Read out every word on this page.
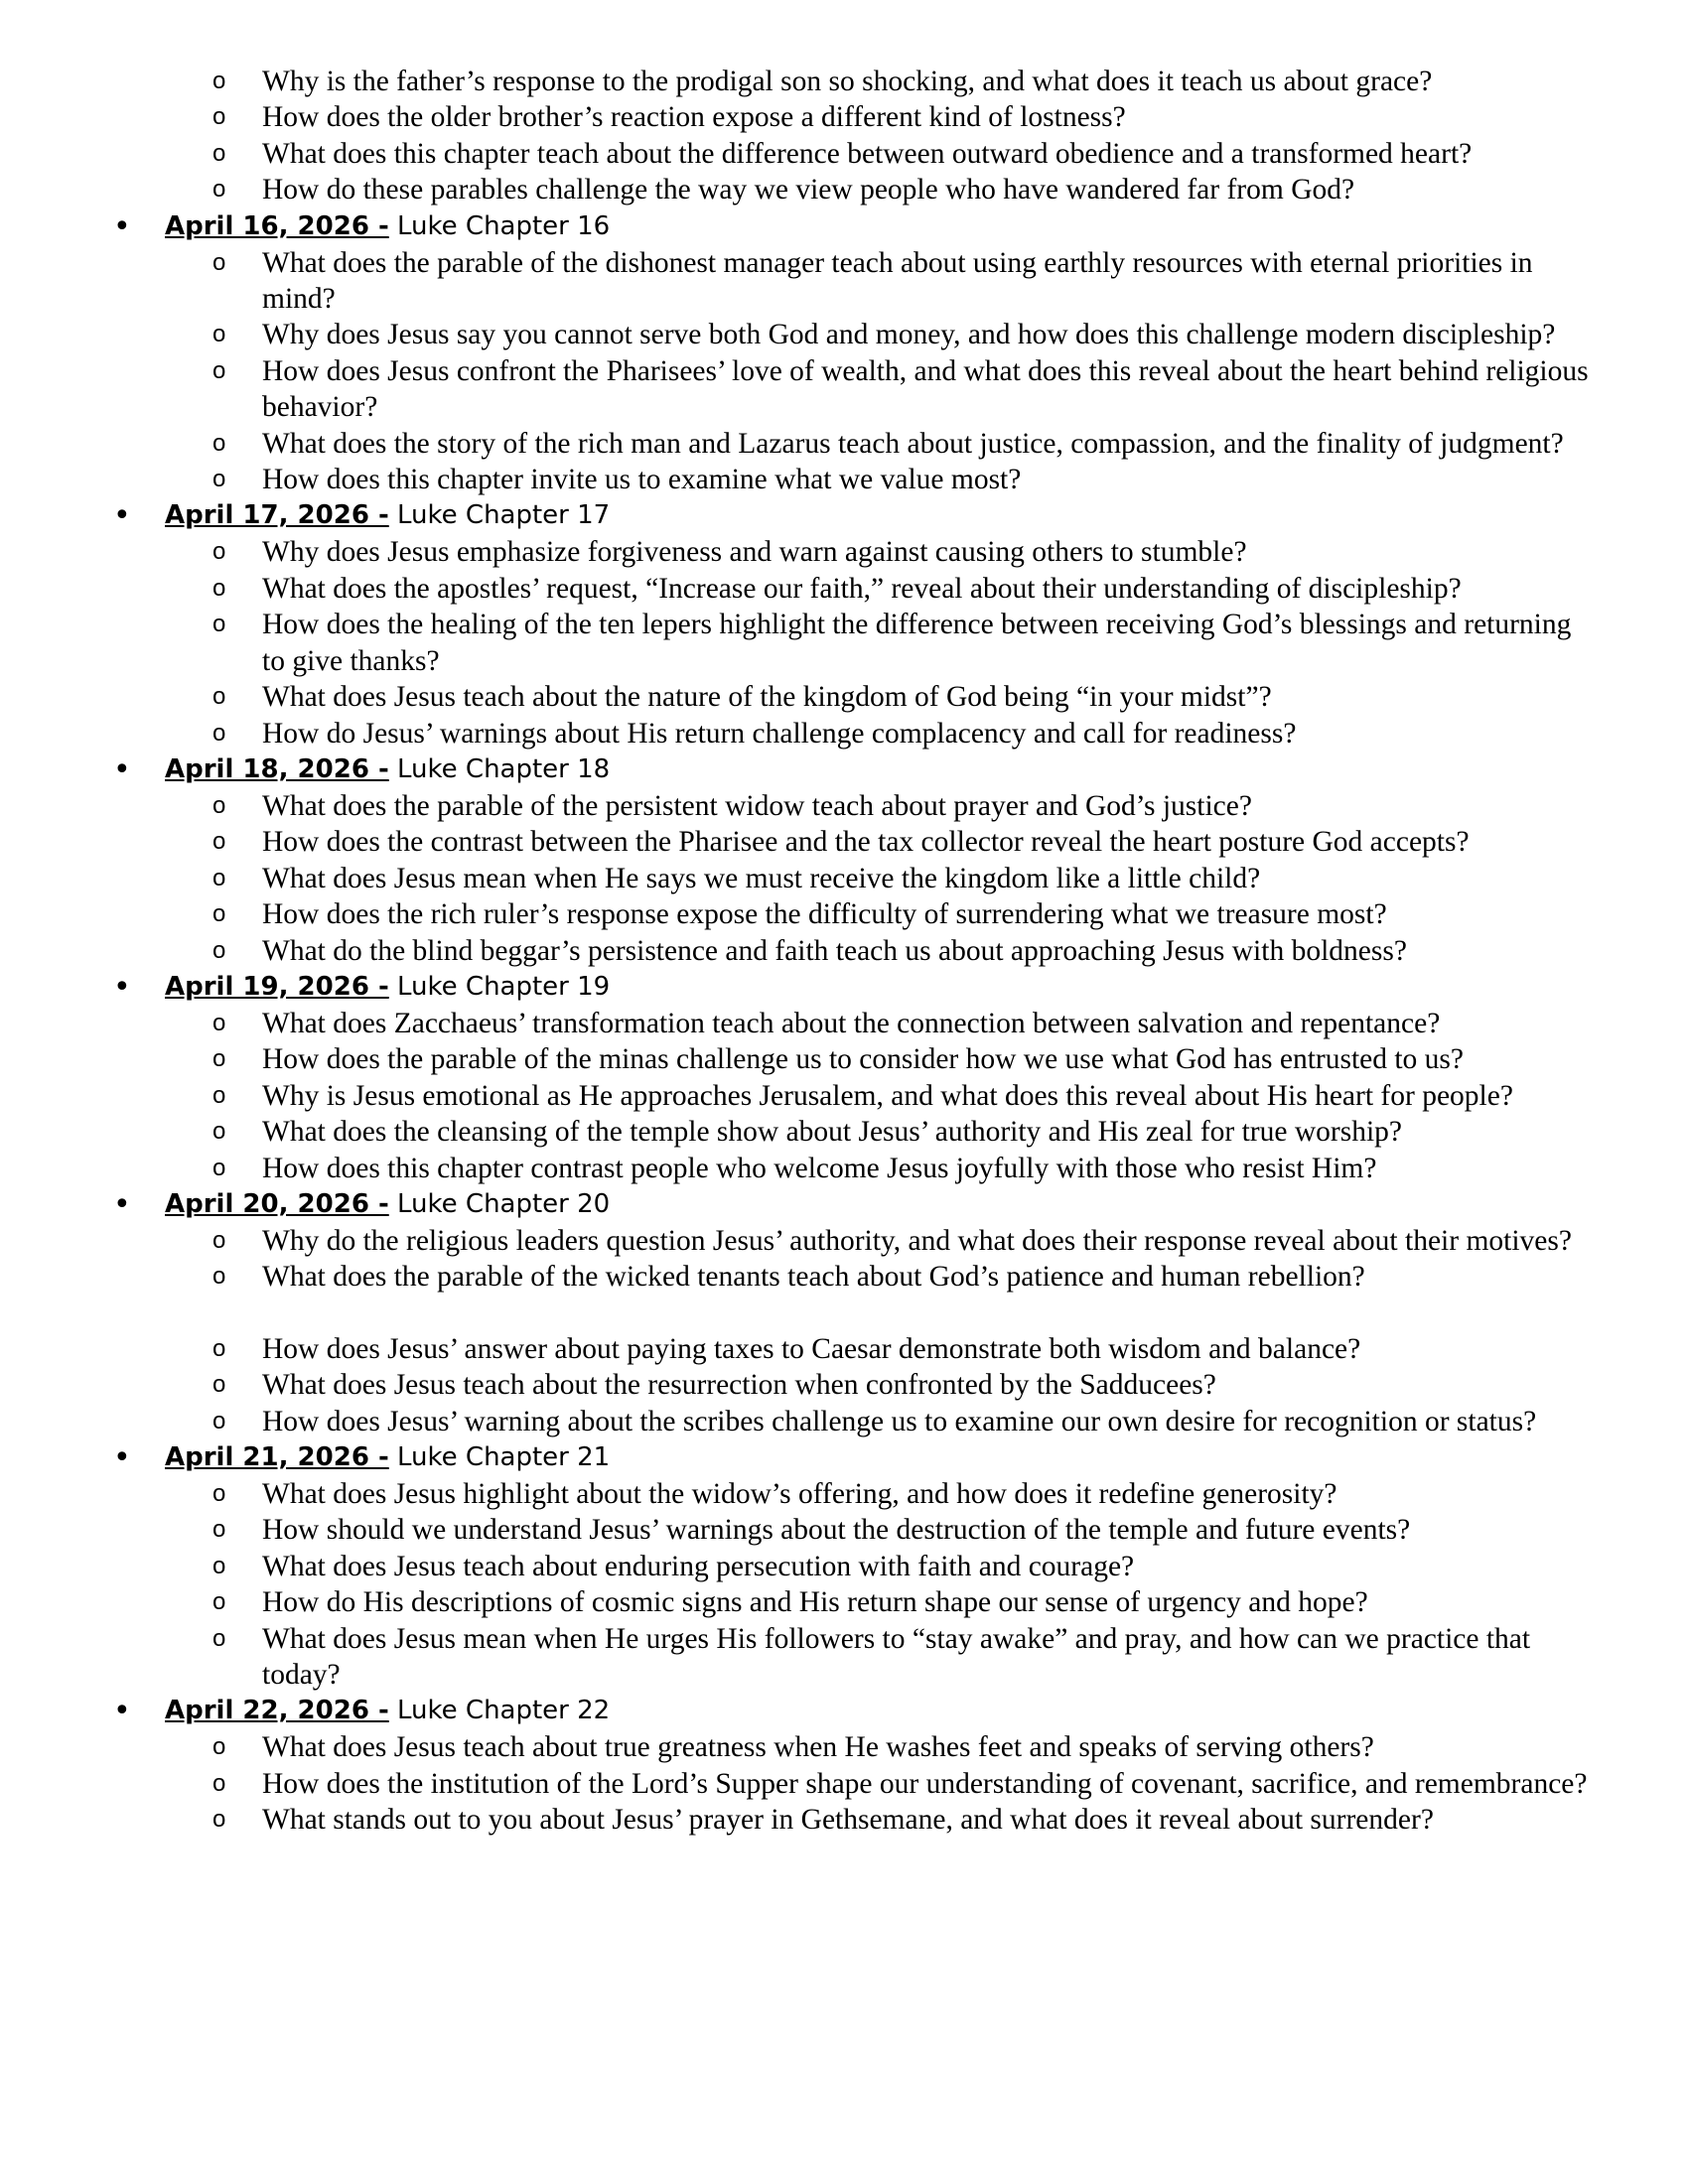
o Why is the father’s response to the prodigal son so shocking, and what does it teach us about grace?
o How does the older brother’s reaction expose a different kind of lostness?
o What does this chapter teach about the difference between outward obedience and a transformed heart?
o How do these parables challenge the way we view people who have wandered far from God?
• April 16, 2026 - Luke Chapter 16
o What does the parable of the dishonest manager teach about using earthly resources with eternal priorities in mind?
o Why does Jesus say you cannot serve both God and money, and how does this challenge modern discipleship?
o How does Jesus confront the Pharisees’ love of wealth, and what does this reveal about the heart behind religious behavior?
o What does the story of the rich man and Lazarus teach about justice, compassion, and the finality of judgment?
o How does this chapter invite us to examine what we value most?
• April 17, 2026 - Luke Chapter 17
o Why does Jesus emphasize forgiveness and warn against causing others to stumble?
o What does the apostles’ request, “Increase our faith,” reveal about their understanding of discipleship?
o How does the healing of the ten lepers highlight the difference between receiving God’s blessings and returning to give thanks?
o What does Jesus teach about the nature of the kingdom of God being “in your midst”?
o How do Jesus’ warnings about His return challenge complacency and call for readiness?
• April 18, 2026 - Luke Chapter 18
o What does the parable of the persistent widow teach about prayer and God’s justice?
o How does the contrast between the Pharisee and the tax collector reveal the heart posture God accepts?
o What does Jesus mean when He says we must receive the kingdom like a little child?
o How does the rich ruler’s response expose the difficulty of surrendering what we treasure most?
o What do the blind beggar’s persistence and faith teach us about approaching Jesus with boldness?
• April 19, 2026 - Luke Chapter 19
o What does Zacchaeus’ transformation teach about the connection between salvation and repentance?
o How does the parable of the minas challenge us to consider how we use what God has entrusted to us?
o Why is Jesus emotional as He approaches Jerusalem, and what does this reveal about His heart for people?
o What does the cleansing of the temple show about Jesus’ authority and His zeal for true worship?
o How does this chapter contrast people who welcome Jesus joyfully with those who resist Him?
• April 20, 2026 - Luke Chapter 20
o Why do the religious leaders question Jesus’ authority, and what does their response reveal about their motives?
o What does the parable of the wicked tenants teach about God’s patience and human rebellion?
o How does Jesus’ answer about paying taxes to Caesar demonstrate both wisdom and balance?
o What does Jesus teach about the resurrection when confronted by the Sadducees?
o How does Jesus’ warning about the scribes challenge us to examine our own desire for recognition or status?
• April 21, 2026 - Luke Chapter 21
o What does Jesus highlight about the widow’s offering, and how does it redefine generosity?
o How should we understand Jesus’ warnings about the destruction of the temple and future events?
o What does Jesus teach about enduring persecution with faith and courage?
o How do His descriptions of cosmic signs and His return shape our sense of urgency and hope?
o What does Jesus mean when He urges His followers to “stay awake” and pray, and how can we practice that today?
• April 22, 2026 - Luke Chapter 22
o What does Jesus teach about true greatness when He washes feet and speaks of serving others?
o How does the institution of the Lord’s Supper shape our understanding of covenant, sacrifice, and remembrance?
o What stands out to you about Jesus’ prayer in Gethsemane, and what does it reveal about surrender?
